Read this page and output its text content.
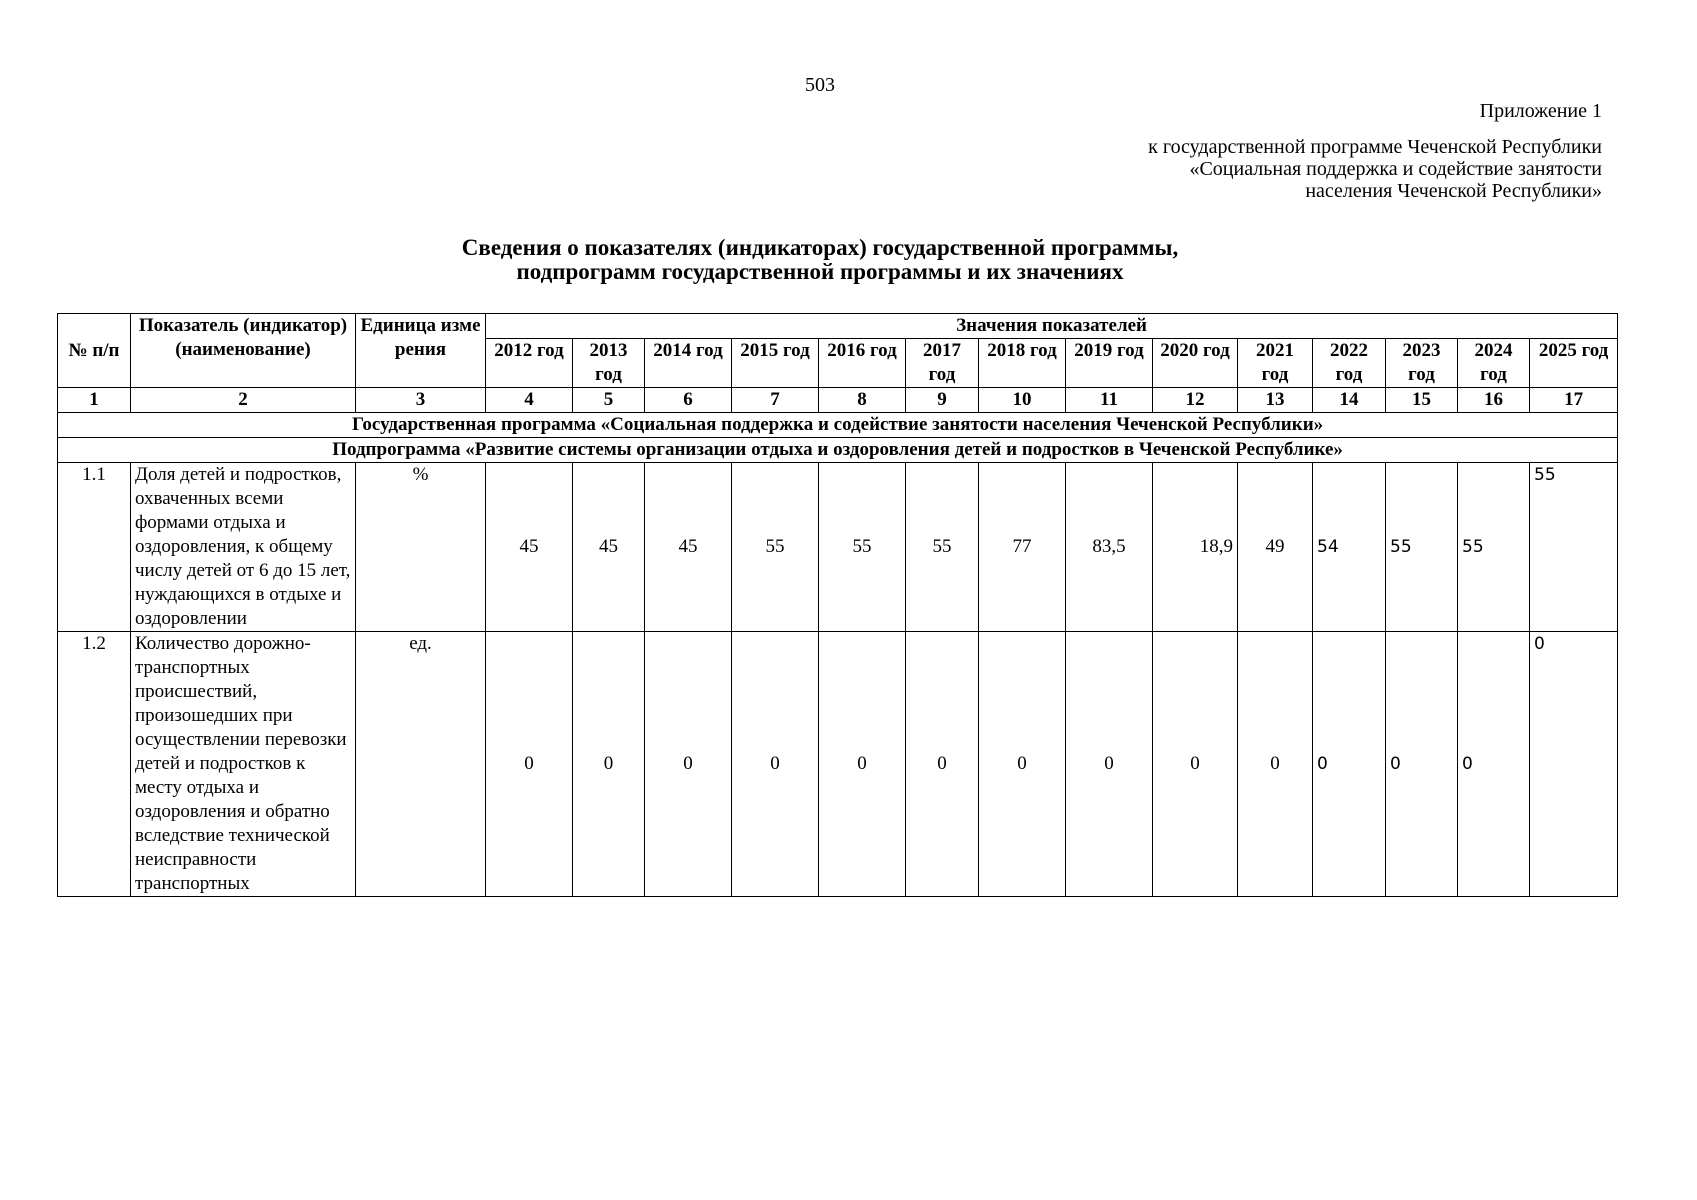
503
Приложение 1
к государственной программе Чеченской Республики
«Социальная поддержка и содействие занятости
населения Чеченской Республики»
Сведения о показателях (индикаторах) государственной программы,
подпрограмм государственной программы и их значениях
№ п/п	Показатель (индикатор) (наименование)	Единица измерения	Значения показателей													
			2012 год	2013 год	2014 год	2015 год	2016 год	2017 год	2018 год	2019 год	2020 год	2021 год	2022 год	2023 год	2024 год	2025 год
1	2	3	4	5	6	7	8	9	10	11	12	13	14	15	16	17
Государственная программа «Социальная поддержка и содействие занятости населения Чеченской Республики»																
Подпрограмма «Развитие системы организации отдыха и оздоровления детей и подростков в Чеченской Республике»																
1.1	Доля детей и подростков, охваченных всеми формами отдыха и оздоровления, к общему числу детей от 6 до 15 лет, нуждающихся в отдыхе и оздоровлении	%	45	45	45	55	55	55	77	83,5	18,9	49	54	55	55	55
1.2	Количество дорожно-транспортных происшествий, произошедших при осуществлении перевозки детей и подростков к месту отдыха и оздоровления и обратно вследствие технической неисправности транспортных	ед.	0	0	0	0	0	0	0	0	0	0	0	0	0	0
